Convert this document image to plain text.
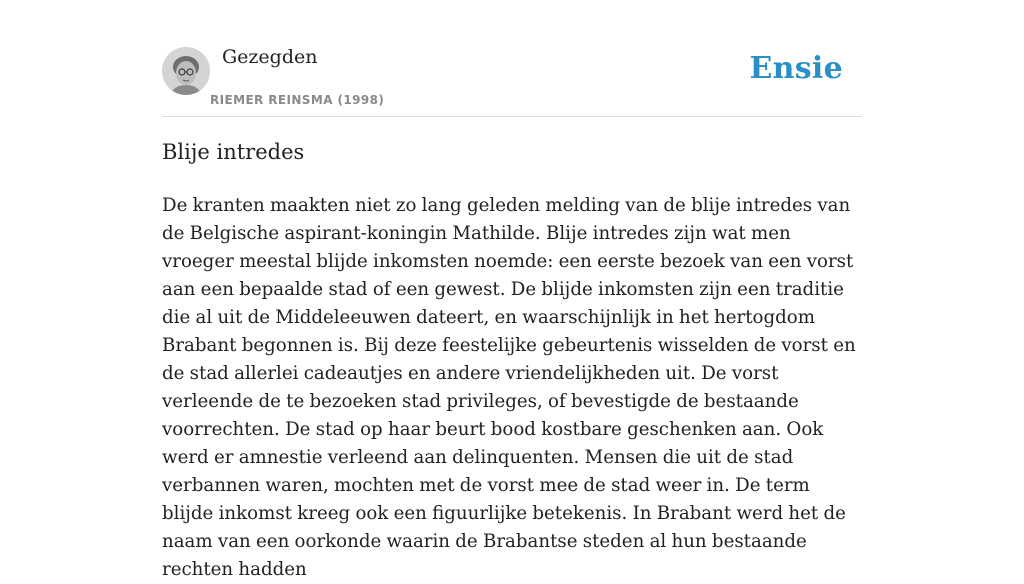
Gezegden
RIEMER REINSMA (1998)
Ensie
Blije intredes

De kranten maakten niet zo lang geleden melding van de blije intredes van de Belgische aspirant-koningin Mathilde. Blije intredes zijn wat men vroeger meestal blijde inkomsten noemde: een eerste bezoek van een vorst aan een bepaalde stad of een gewest. De blijde inkomsten zijn een traditie die al uit de Middeleeuwen dateert, en waarschijnlijk in het hertogdom Brabant begonnen is. Bij deze feestelijke gebeurtenis wisselden de vorst en de stad allerlei cadeautjes en andere vriendelijkheden uit. De vorst verleende de te bezoeken stad privileges, of bevestigde de bestaande voorrechten. De stad op haar beurt bood kostbare geschenken aan. Ook werd er amnestie verleend aan delinquenten. Mensen die uit de stad verbannen waren, mochten met de vorst mee de stad weer in. De term blijde inkomst kreeg ook een figuurlijke betekenis. In Brabant werd het de naam van een oorkonde waarin de Brabantse steden al hun bestaande rechten hadden
